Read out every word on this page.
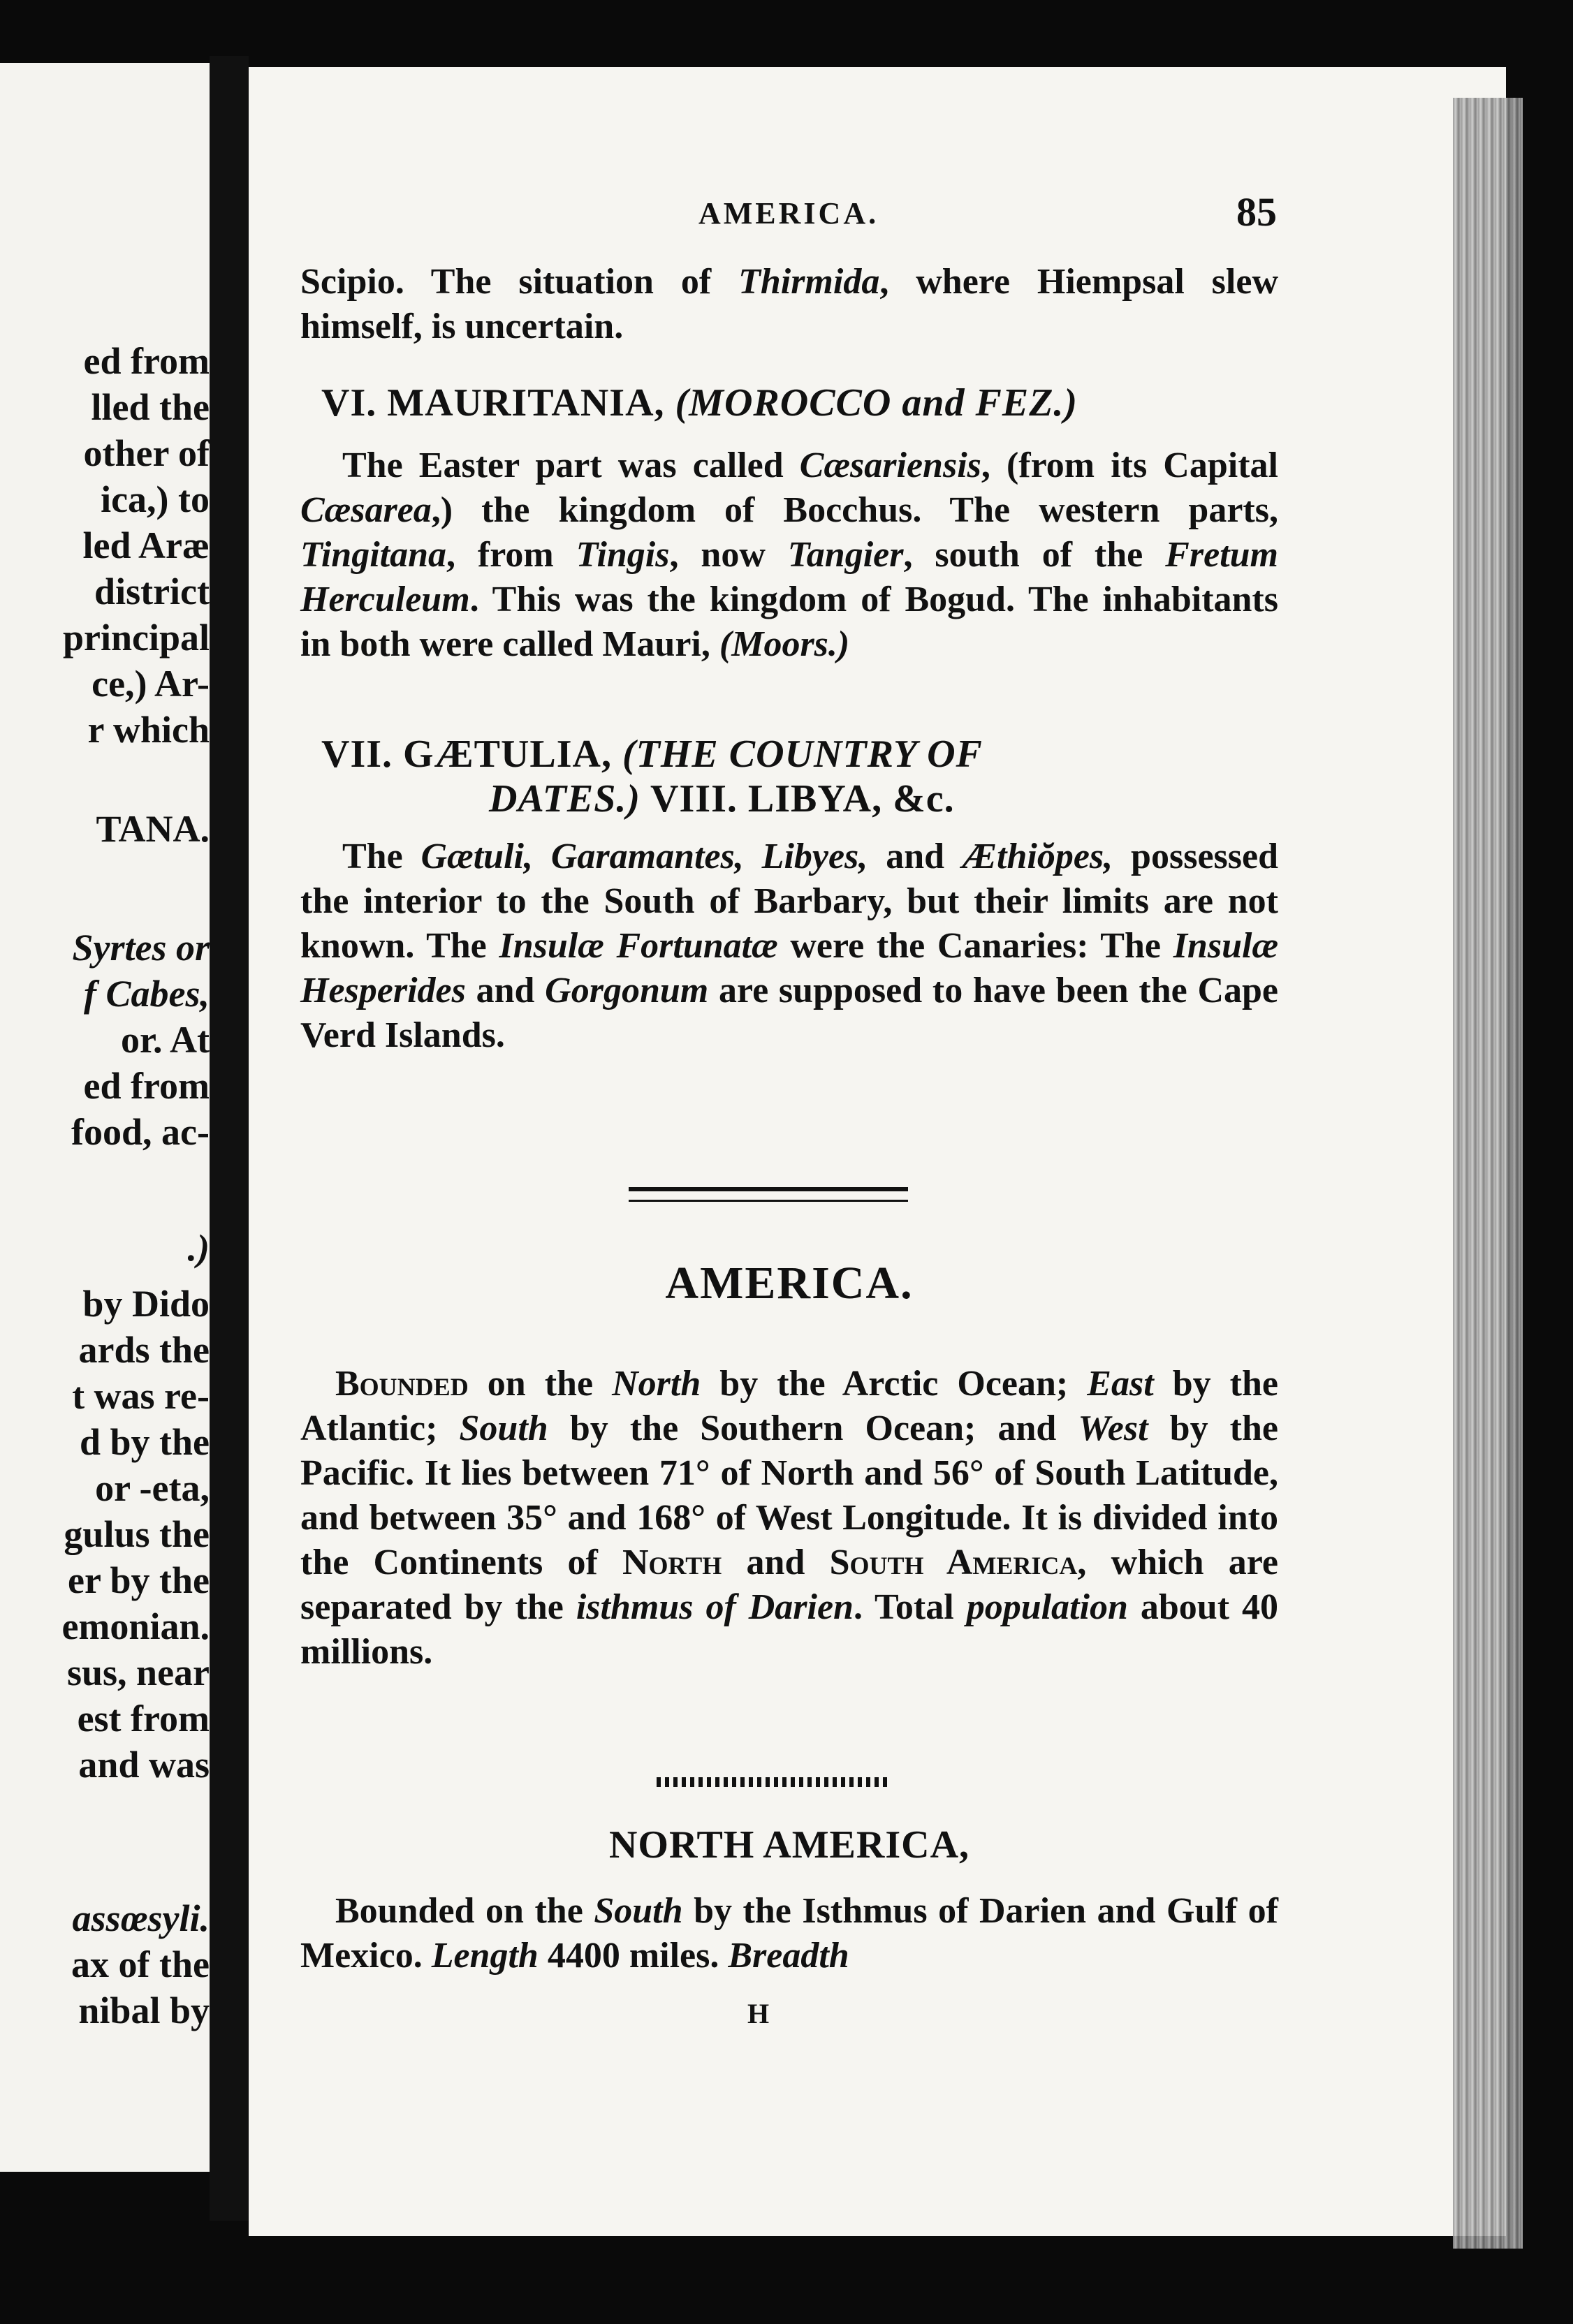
ed from
lled the
other of
ica,) to
led Aræ
district
principal
ce,) Ar-
r which
TANA.
Syrtes or
f Cabes,
or. At
ed from
food, ac-
.)
by Dido
ards the
t was re-
d by the
or -eta,
gulus the
er by the
emonian.
sus, near
est from
and was
assœsyli.
ax of the
nibal by
AMERICA.	85
Scipio. The situation of Thirmida, where Hiempsal slew himself, is uncertain.
VI. MAURITANIA, (MOROCCO and FEZ.)
The Easter part was called Cæsariensis, (from its Capital Cæsarea,) the kingdom of Bocchus. The western parts, Tingitana, from Tingis, now Tangier, south of the Fretum Herculeum. This was the kingdom of Bogud. The inhabitants in both were called Mauri, (Moors.)
VII. GÆTULIA, (THE COUNTRY OF
DATES.) VIII. LIBYA, &c.
The Gætuli, Garamantes, Libyes, and Æthiŏpes, possessed the interior to the South of Barbary, but their limits are not known. The Insulæ Fortunatæ were the Canaries: The Insulæ Hesperides and Gorgonum are supposed to have been the Cape Verd Islands.
AMERICA.
Bounded on the North by the Arctic Ocean; East by the Atlantic; South by the Southern Ocean; and West by the Pacific. It lies between 71° of North and 56° of South Latitude, and between 35° and 168° of West Longitude. It is divided into the Continents of North and South America, which are separated by the isthmus of Darien. Total population about 40 millions.
NORTH AMERICA,
Bounded on the South by the Isthmus of Darien and Gulf of Mexico. Length 4400 miles. Breadth
H
